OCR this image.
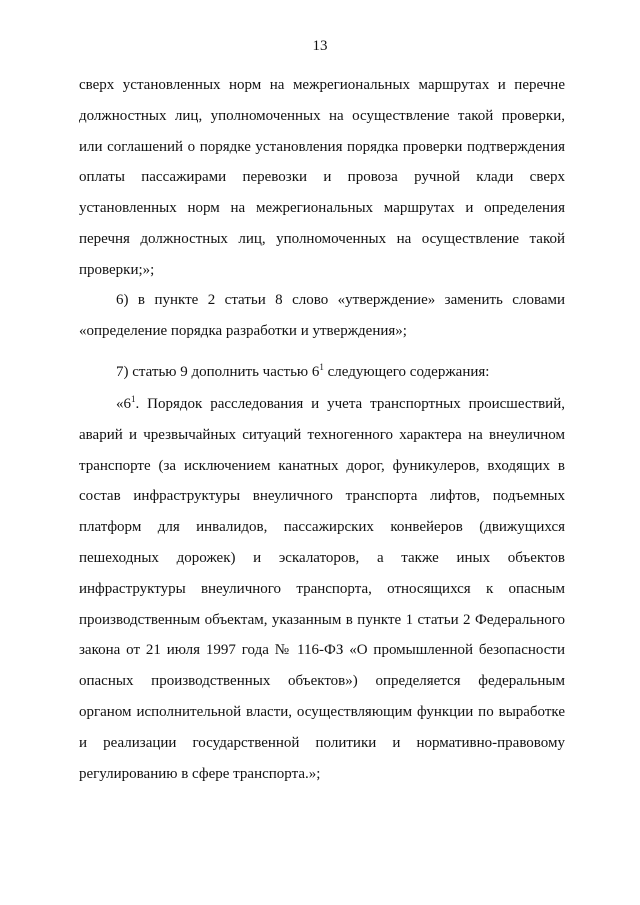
13
сверх установленных норм на межрегиональных маршрутах и перечне
должностных лиц, уполномоченных на осуществление такой проверки,
или соглашений о порядке установления порядка проверки подтверждения
оплаты пассажирами перевозки и провоза ручной клади сверх
установленных норм на межрегиональных маршрутах и определения
перечня должностных лиц, уполномоченных на осуществление такой
проверки;»;
6) в пункте 2 статьи 8 слово «утверждение» заменить словами
«определение порядка разработки и утверждения»;
7) статью 9 дополнить частью $6^1$ следующего содержания:
«$6^1$. Порядок расследования и учета транспортных происшествий,
аварий и чрезвычайных ситуаций техногенного характера на внеуличном
транспорте (за исключением канатных дорог, фуникулеров, входящих в
состав инфраструктуры внеуличного транспорта лифтов, подъемных
платформ для инвалидов, пассажирских конвейеров (движущихся
пешеходных дорожек) и эскалаторов, а также иных объектов
инфраструктуры внеуличного транспорта, относящихся к опасным
производственным объектам, указанным в пункте 1 статьи 2 Федерального
закона от 21 июля 1997 года № 116-ФЗ «О промышленной безопасности
опасных производственных объектов») определяется федеральным
органом исполнительной власти, осуществляющим функции по выработке
и реализации государственной политики и нормативно-правовому
регулированию в сфере транспорта.»;
